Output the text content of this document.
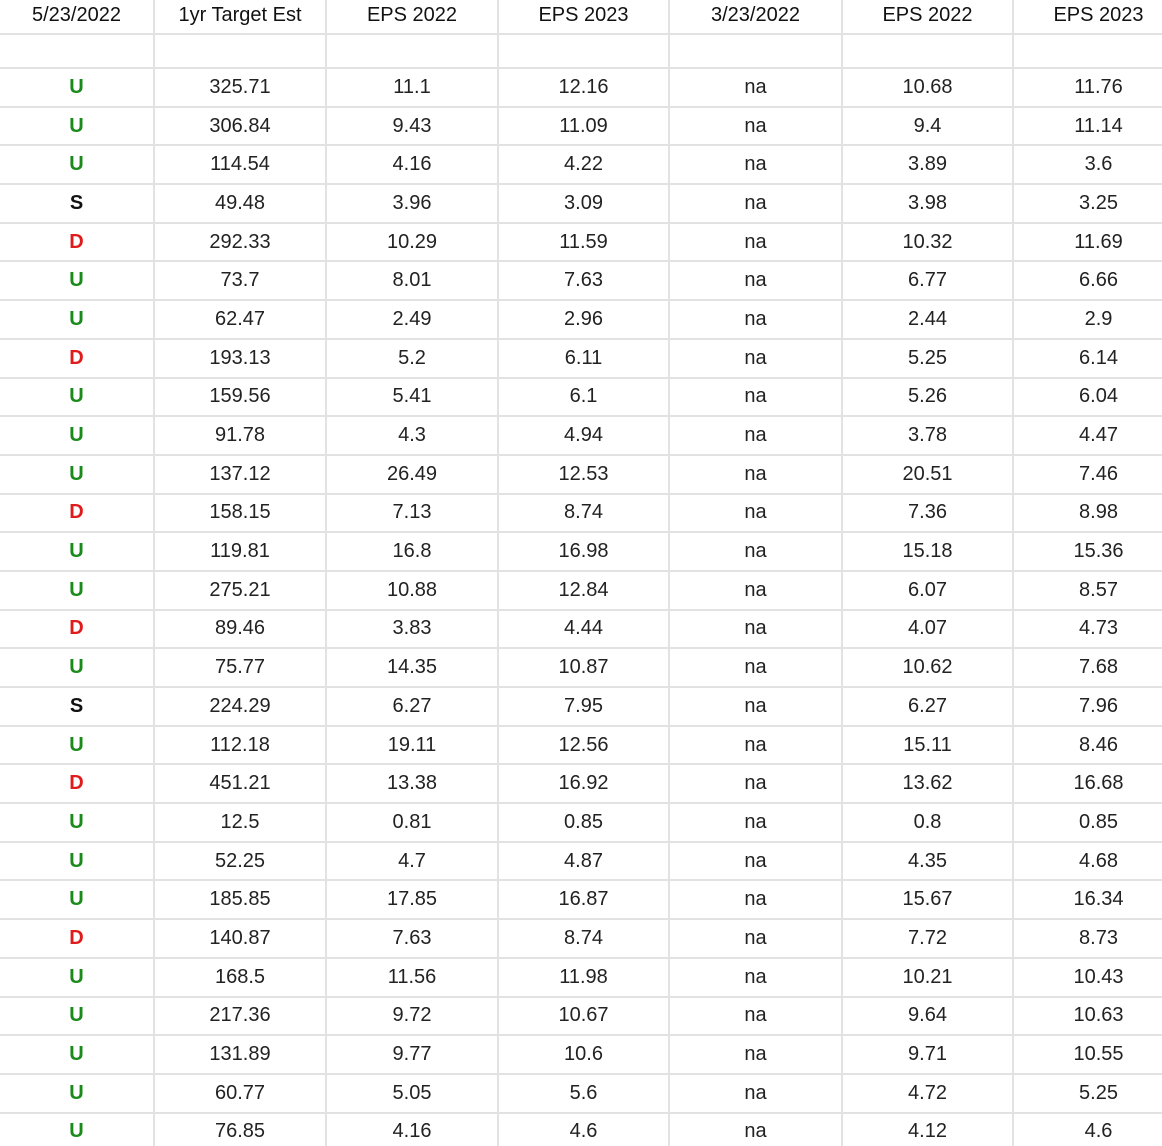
5/23/2022	1yr Target Est	EPS 2022	EPS 2023	3/23/2022	EPS 2022	EPS 2023

U	325.71	11.1	12.16	na	10.68	11.76
U	306.84	9.43	11.09	na	9.4	11.14
U	114.54	4.16	4.22	na	3.89	3.6
S	49.48	3.96	3.09	na	3.98	3.25
D	292.33	10.29	11.59	na	10.32	11.69
U	73.7	8.01	7.63	na	6.77	6.66
U	62.47	2.49	2.96	na	2.44	2.9
D	193.13	5.2	6.11	na	5.25	6.14
U	159.56	5.41	6.1	na	5.26	6.04
U	91.78	4.3	4.94	na	3.78	4.47
U	137.12	26.49	12.53	na	20.51	7.46
D	158.15	7.13	8.74	na	7.36	8.98
U	119.81	16.8	16.98	na	15.18	15.36
U	275.21	10.88	12.84	na	6.07	8.57
D	89.46	3.83	4.44	na	4.07	4.73
U	75.77	14.35	10.87	na	10.62	7.68
S	224.29	6.27	7.95	na	6.27	7.96
U	112.18	19.11	12.56	na	15.11	8.46
D	451.21	13.38	16.92	na	13.62	16.68
U	12.5	0.81	0.85	na	0.8	0.85
U	52.25	4.7	4.87	na	4.35	4.68
U	185.85	17.85	16.87	na	15.67	16.34
D	140.87	7.63	8.74	na	7.72	8.73
U	168.5	11.56	11.98	na	10.21	10.43
U	217.36	9.72	10.67	na	9.64	10.63
U	131.89	9.77	10.6	na	9.71	10.55
U	60.77	5.05	5.6	na	4.72	5.25
U	76.85	4.16	4.6	na	4.12	4.6
